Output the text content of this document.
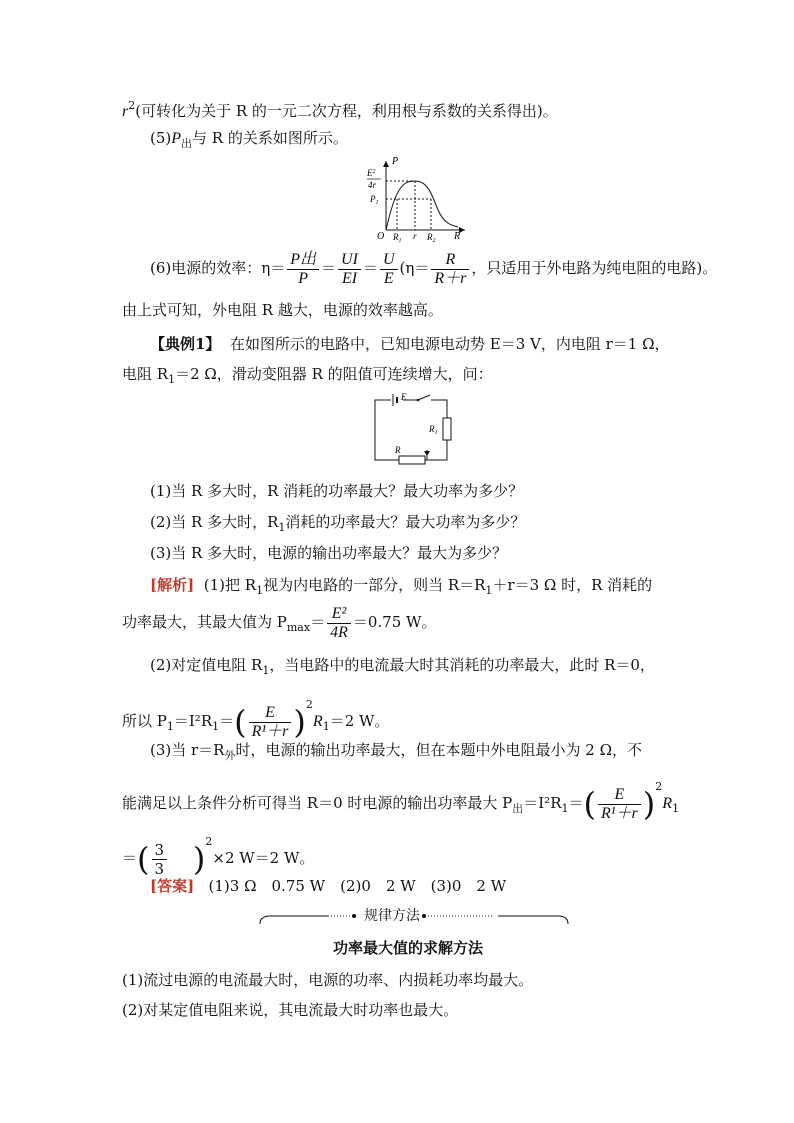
$r^2$(可转化为关于 R 的一元二次方程，利用根与系数的关系得出)。
$(5)P_出$与 R 的关系如图所示。
P
R
O
$E^2$
4r
$P_1$
$R_1$ r $R_2$
(6)电源的效率：$\eta= \frac{\text{P出}}{P} = \frac{UI}{EI} = \frac{U}{E} (\eta= \frac{R}{R+r}$ ，只适用于外电路为纯电阻的电路)。
由上式可知，外电阻 R 越大，电源的效率越高。
【典例1】 在如图所示的电路中，已知电源电动势 E＝3 V，内电阻 r＝1 Ω，
电阻 $R_1=2$ Ω，滑动变阻器 R 的阻值可连续增大，问：
E
$R_1$
R
(1)当 R 多大时，R 消耗的功率最大？最大功率为多少？
(2)当 R 多大时，$R_1$消耗的功率最大？最大功率为多少？
(3)当 R 多大时，电源的输出功率最大？最大为多少？
[解析] (1)把 $R_1$视为内电路的一部分，则当 $R=R_1+r=3$ Ω 时，R 消耗的
功率最大，其最大值为 $P_{max}= \frac{\text{E²}}{4R} =0.75$ W。
(2)对定值电阻 $R_1$，当电路中的电流最大时其消耗的功率最大，此时 R＝0，
所以 $P_1=I^2R_1=( \frac{E}{\text{R¹＋r}} )^2R_1=2$ W。
(3)当 $r=R_外$时，电源的输出功率最大，但在本题中外电阻最小为 2 Ω，不
能满足以上条件分析可得当 R＝0 时电源的输出功率最大 $P_出=I^2R_1=( \frac{E}{\text{R¹＋r}} )^2R_1$
＝( $\frac{3}{3} )^2\times 2$ W＝2 W。
[答案] (1)3 Ω　0.75 W　(2)0　2 W　(3)0　2 W
规律方法
功率最大值的求解方法
(1)流过电源的电流最大时，电源的功率、内损耗功率均最大。
(2)对某定值电阻来说，其电流最大时功率也最大。
